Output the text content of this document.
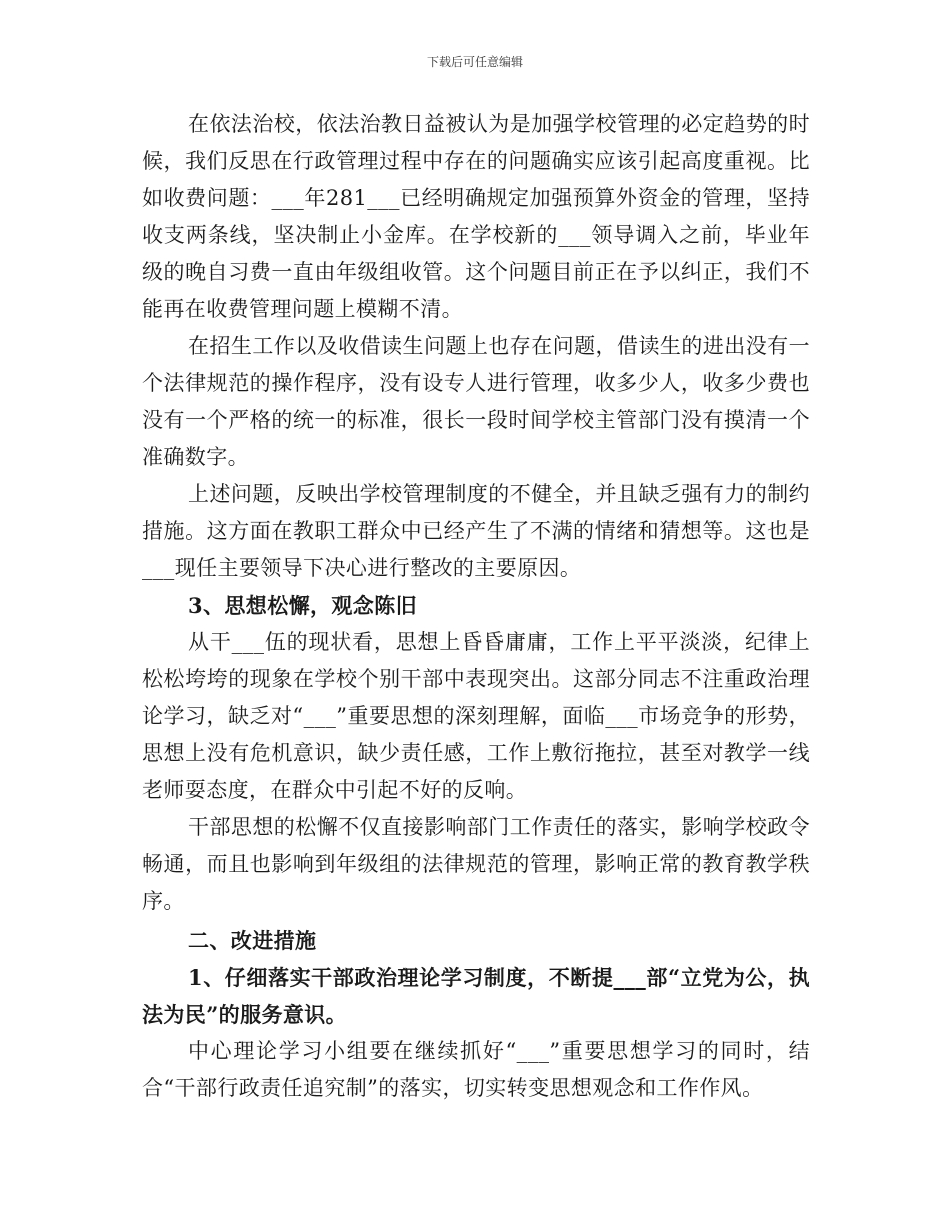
下载后可任意编辑

在依法治校，依法治教日益被认为是加强学校管理的必定趋势的时候，我们反思在行政管理过程中存在的问题确实应该引起高度重视。比如收费问题：___年281___已经明确规定加强预算外资金的管理，坚持收支两条线，坚决制止小金库。在学校新的___领导调入之前，毕业年级的晚自习费一直由年级组收管。这个问题目前正在予以纠正，我们不能再在收费管理问题上模糊不清。

在招生工作以及收借读生问题上也存在问题，借读生的进出没有一个法律规范的操作程序，没有设专人进行管理，收多少人，收多少费也没有一个严格的统一的标准，很长一段时间学校主管部门没有摸清一个准确数字。

上述问题，反映出学校管理制度的不健全，并且缺乏强有力的制约措施。这方面在教职工群众中已经产生了不满的情绪和猜想等。这也是___现任主要领导下决心进行整改的主要原因。

3、思想松懈，观念陈旧

从干___伍的现状看，思想上昏昏庸庸，工作上平平淡淡，纪律上松松垮垮的现象在学校个别干部中表现突出。这部分同志不注重政治理论学习，缺乏对“___”重要思想的深刻理解，面临___市场竞争的形势，思想上没有危机意识，缺少责任感，工作上敷衍拖拉，甚至对教学一线老师耍态度，在群众中引起不好的反响。

干部思想的松懈不仅直接影响部门工作责任的落实，影响学校政令畅通，而且也影响到年级组的法律规范的管理，影响正常的教育教学秩序。

二、改进措施

1、仔细落实干部政治理论学习制度，不断提___部“立党为公，执法为民”的服务意识。

中心理论学习小组要在继续抓好“___”重要思想学习的同时，结合“干部行政责任追究制”的落实，切实转变思想观念和工作作风。
